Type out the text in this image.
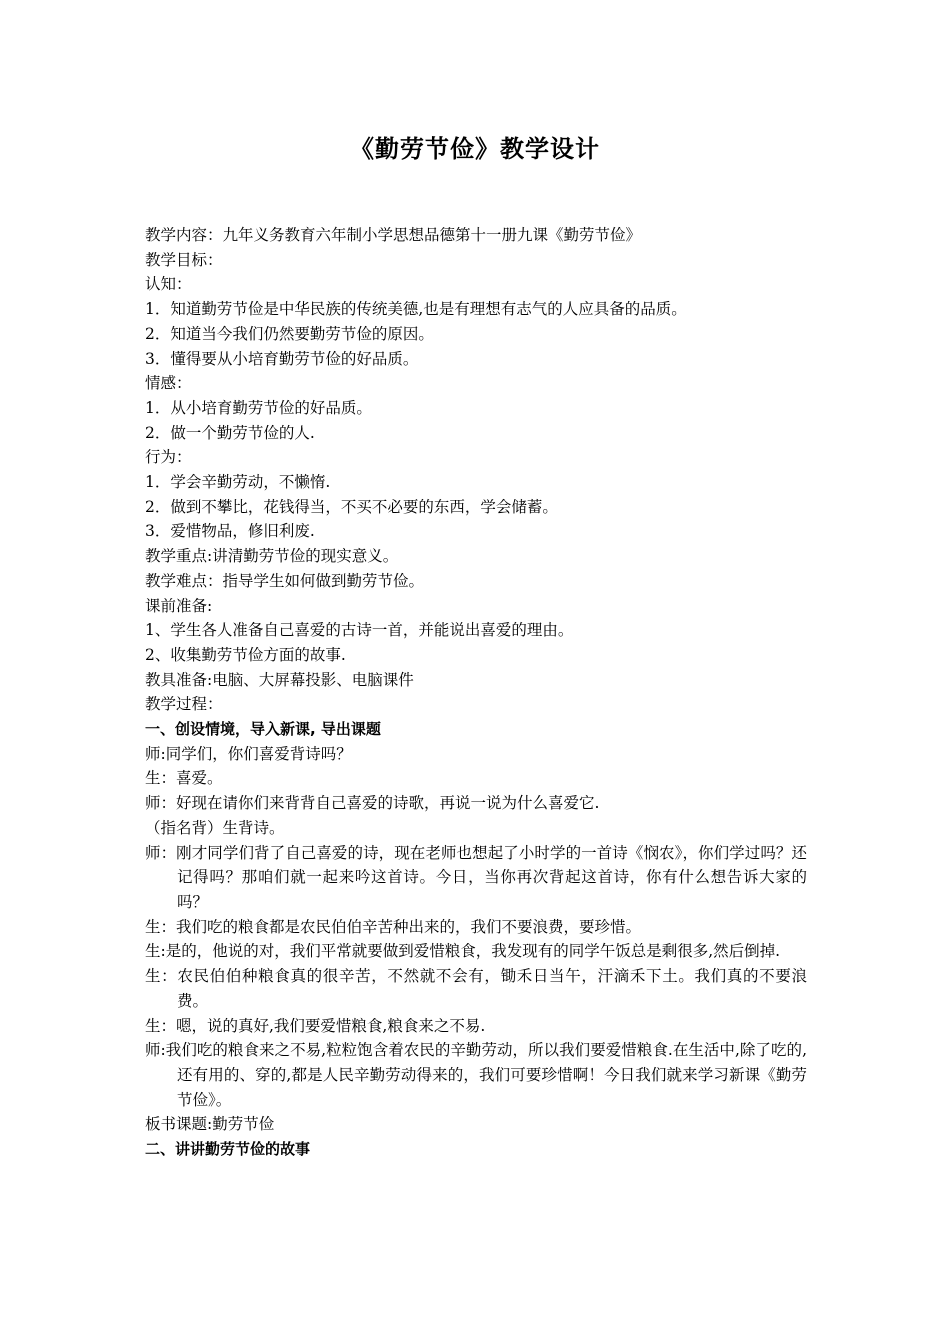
《勤劳节俭》教学设计

教学内容：九年义务教育六年制小学思想品德第十一册九课《勤劳节俭》

教学目标：

认知：

1．知道勤劳节俭是中华民族的传统美德,也是有理想有志气的人应具备的品质。

2．知道当今我们仍然要勤劳节俭的原因。

3．懂得要从小培育勤劳节俭的好品质。

情感：

1．从小培育勤劳节俭的好品质。

2．做一个勤劳节俭的人.

行为：

1．学会辛勤劳动，不懒惰.

2．做到不攀比，花钱得当，不买不必要的东西，学会储蓄。

3．爱惜物品，修旧利废.

教学重点:讲清勤劳节俭的现实意义。

教学难点：指导学生如何做到勤劳节俭。

课前准备:

1、学生各人准备自己喜爱的古诗一首，并能说出喜爱的理由。

2、收集勤劳节俭方面的故事.

教具准备:电脑、大屏幕投影、电脑课件

教学过程：

一、创设情境，导入新课, 导出课题

师:同学们，你们喜爱背诗吗？

生：喜爱。

师：好现在请你们来背背自己喜爱的诗歌，再说一说为什么喜爱它.

（指名背）生背诗。

师：刚才同学们背了自己喜爱的诗，现在老师也想起了小时学的一首诗《悯农》，你们学过吗？还记得吗？那咱们就一起来吟这首诗。今日，当你再次背起这首诗，你有什么想告诉大家的吗？

生：我们吃的粮食都是农民伯伯辛苦种出来的，我们不要浪费，要珍惜。

生:是的，他说的对，我们平常就要做到爱惜粮食，我发现有的同学午饭总是剩很多,然后倒掉.

生：农民伯伯种粮食真的很辛苦，不然就不会有，锄禾日当午，汗滴禾下土。我们真的不要浪费。

生：嗯，说的真好,我们要爱惜粮食,粮食来之不易.

师:我们吃的粮食来之不易,粒粒饱含着农民的辛勤劳动，所以我们要爱惜粮食.在生活中,除了吃的,还有用的、穿的,都是人民辛勤劳动得来的，我们可要珍惜啊！今日我们就来学习新课《勤劳节俭》。

板书课题:勤劳节俭

二、讲讲勤劳节俭的故事
